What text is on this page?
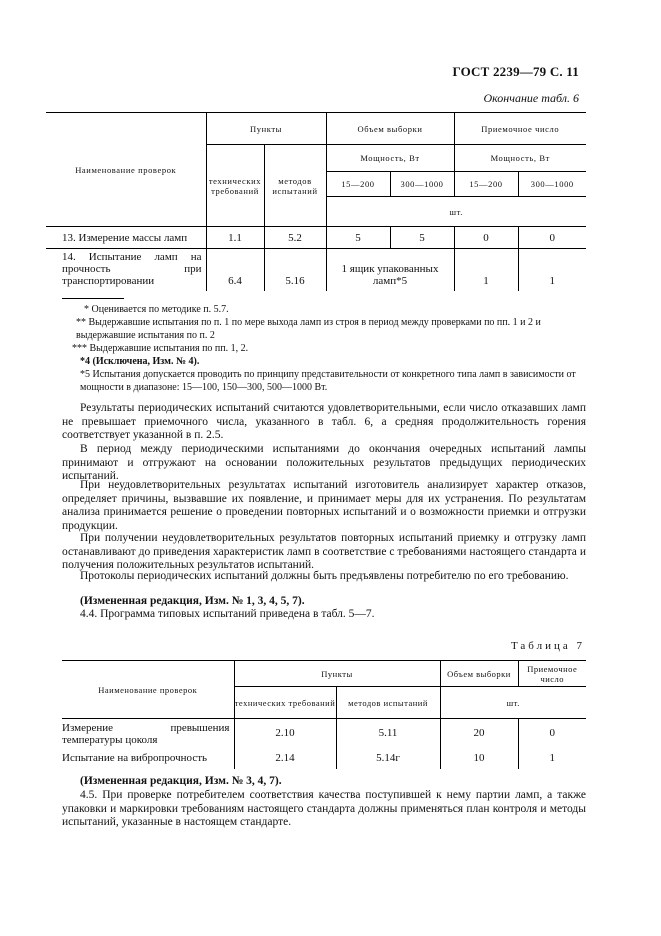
ГОСТ 2239—79 С. 11
Окончание табл. 6
Наименование проверок	Пункты		Объем выборки		Приемочное число	
	технических требований	методов испытаний	Мощность, Вт		Мощность, Вт	
			15—200	300—1000	15—200	300—1000
			шт.			
13. Измерение массы ламп	1.1	5.2	5	5	0	0
14. Испытание ламп на прочность при транспортировании	6.4	5.16	1 ящик упакованных ламп*5		1	1
* Оценивается по методике п. 5.7.
** Выдержавшие испытания по п. 1 по мере выхода ламп из строя в период между проверками по пп. 1 и 2 и выдержавшие испытания по п. 2
*** Выдержавшие испытания по пп. 1, 2.
*4 (Исключена, Изм. № 4).
*5 Испытания допускается проводить по принципу представительности от конкретного типа ламп в зависимости от мощности в диапазоне: 15—100, 150—300, 500—1000 Вт.
Результаты периодических испытаний считаются удовлетворительными, если число отказавших ламп не превышает приемочного числа, указанного в табл. 6, а средняя продолжительность горения соответствует указанной в п. 2.5.
В период между периодическими испытаниями до окончания очередных испытаний лампы принимают и отгружают на основании положительных результатов предыдущих периодических испытаний.
При неудовлетворительных результатах испытаний изготовитель анализирует характер отказов, определяет причины, вызвавшие их появление, и принимает меры для их устранения. По результатам анализа принимается решение о проведении повторных испытаний и о возможности приемки и отгрузки продукции.
При получении неудовлетворительных результатов повторных испытаний приемку и отгрузку ламп останавливают до приведения характеристик ламп в соответствие с требованиями настоящего стандарта и получения положительных результатов испытаний.
Протоколы периодических испытаний должны быть предъявлены потребителю по его требованию.
(Измененная редакция, Изм. № 1, 3, 4, 5, 7).
4.4. Программа типовых испытаний приведена в табл. 5—7.
Таблица 7
Наименование проверок	Пункты		Объем выборки	Приемочное число
	технических требований	методов испытаний	шт.	
Измерение превышения температуры цоколя	2.10	5.11	20	0
Испытание на вибропрочность	2.14	5.14г	10	1
(Измененная редакция, Изм. № 3, 4, 7).
4.5. При проверке потребителем соответствия качества поступившей к нему партии ламп, а также упаковки и маркировки требованиям настоящего стандарта должны применяться план контроля и методы испытаний, указанные в настоящем стандарте.
